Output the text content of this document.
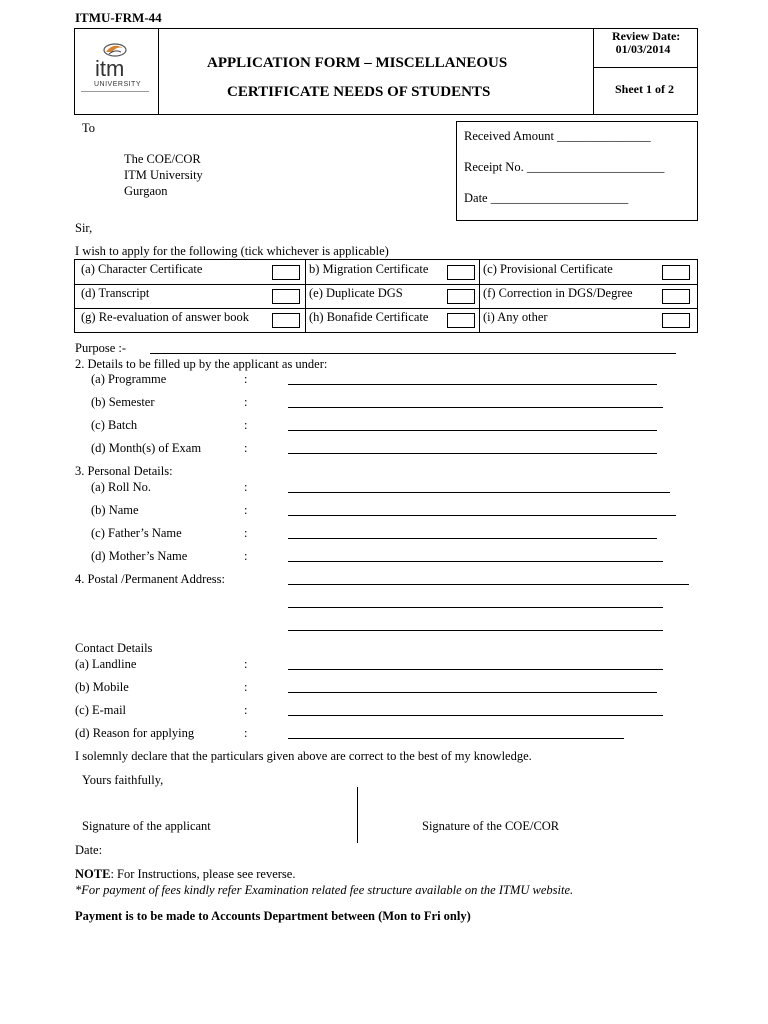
ITMU-FRM-44
APPLICATION FORM – MISCELLANEOUS
CERTIFICATE NEEDS OF STUDENTS
Review Date:
01/03/2014
Sheet 1 of 2
itm
UNIVERSITY
To
The COE/COR
ITM University
Gurgaon
Received Amount _______________
Receipt No. ______________________
Date ______________________
Sir,
I wish to apply for the following (tick whichever is applicable)
(a) Character Certificate	b) Migration Certificate	(c) Provisional Certificate
(d) Transcript	(e) Duplicate DGS	(f) Correction in DGS/Degree
(g) Re-evaluation of answer book	(h) Bonafide Certificate	(i) Any other
Purpose :-
2. Details to be filled up by the applicant as under:
(a) Programme	:
(b) Semester	:
(c) Batch	:
(d) Month(s) of Exam	:
3. Personal Details:
(a) Roll No.	:
(b) Name	:
(c) Father’s Name	:
(d) Mother’s Name	:
4. Postal /Permanent Address:
Contact Details
(a) Landline	:
(b) Mobile	:
(c) E-mail	:
(d) Reason for applying	:
I solemnly declare that the particulars given above are correct to the best of my knowledge.
Yours faithfully,
Signature of the applicant	Signature of the COE/COR
Date:
NOTE: For Instructions, please see reverse.
*For payment of fees kindly refer Examination related fee structure available on the ITMU website.
Payment is to be made to Accounts Department between (Mon to Fri only)
